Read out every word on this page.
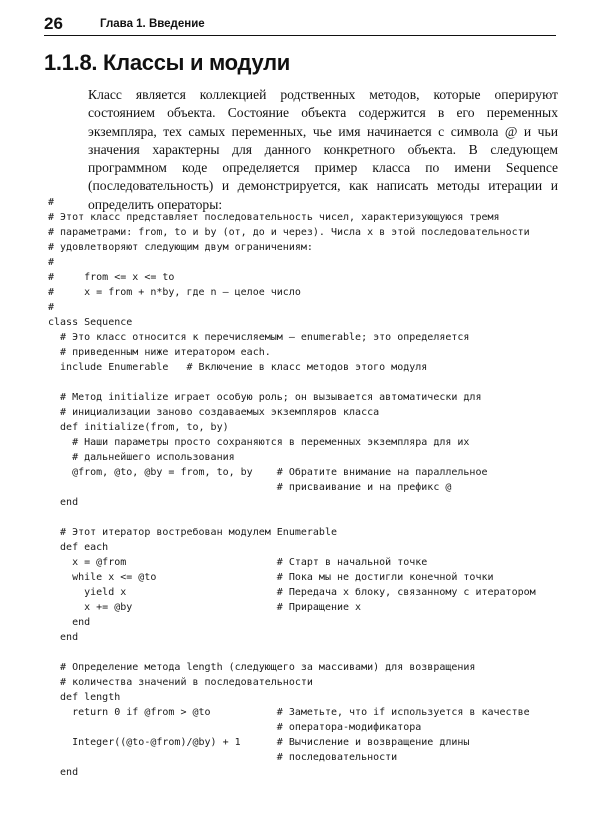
26	Глава 1. Введение
1.1.8. Классы и модули

Класс является коллекцией родственных методов, которые оперируют состоянием объекта. Состояние объекта содержится в его переменных экземпляра, тех самых переменных, чье имя начинается с символа @ и чьи значения характерны для данного конкретного объекта. В следующем программном коде определяется пример класса по имени Sequence (последовательность) и демонстрируется, как написать методы итерации и определить операторы:

#
# Этот класс представляет последовательность чисел, характеризующуюся тремя
# параметрами: from, to и by (от, до и через). Числа x в этой последовательности
# удовлетворяют следующим двум ограничениям:
#
#     from <= x <= to
#     x = from + n*by, где n – целое число
#
class Sequence
# Это класс относится к перечисляемым – enumerable; это определяется
# приведенным ниже итератором each.
include Enumerable   # Включение в класс методов этого модуля
# Метод initialize играет особую роль; он вызывается автоматически для
# инициализации заново создаваемых экземпляров класса
def initialize(from, to, by)
# Наши параметры просто сохраняются в переменных экземпляра для их
# дальнейшего использования
@from, @to, @by = from, to, by    # Обратите внимание на параллельное
# присваивание и на префикс @
end
# Этот итератор востребован модулем Enumerable
def each
x = @from                         # Старт в начальной точке
while x <= @to                    # Пока мы не достигли конечной точки
yield x                         # Передача x блоку, связанному с итератором
x += @by                        # Приращение x
end
end
# Определение метода length (следующего за массивами) для возвращения
# количества значений в последовательности
def length
return 0 if @from > @to           # Заметьте, что if используется в качестве
# оператора-модификатора
Integer((@to-@from)/@by) + 1      # Вычисление и возвращение длины
# последовательности
end
